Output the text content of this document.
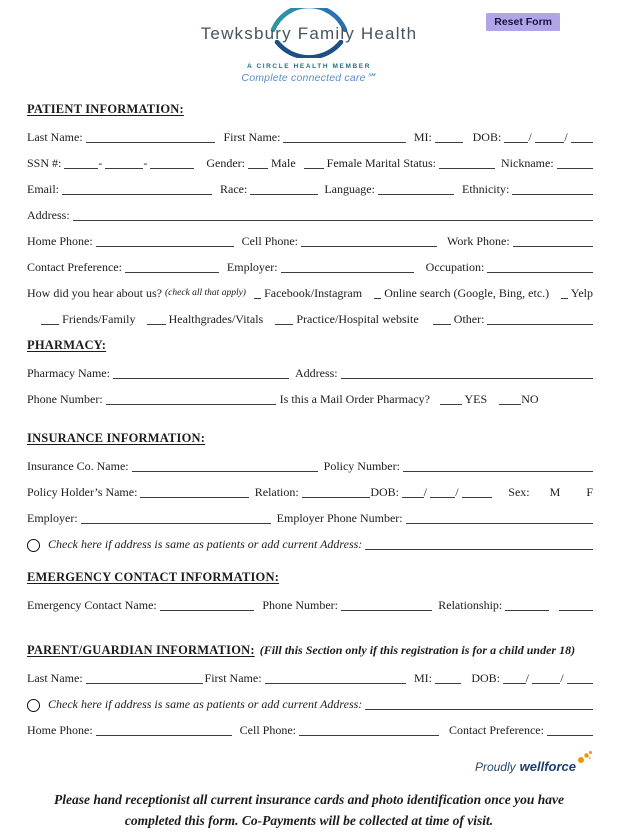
Tewksbury Family Health
A CIRCLE HEALTH MEMBER
Complete connected care℠
Reset Form
PATIENT INFORMATION:
Last Name:	First Name:	MI:	DOB: /	/
SSN #:	-	-	Gender: Male Female Marital Status:	Nickname:
Email:	Race:	Language:	Ethnicity:
Address:
Home Phone:	Cell Phone:	Work Phone:
Contact Preference:	Employer:	Occupation:
How did you hear about us? (check all that apply) Facebook/Instagram Online search (Google, Bing, etc.) Yelp
Friends/Family	Healthgrades/Vitals	Practice/Hospital website	Other:
PHARMACY:
Pharmacy Name:	Address:
Phone Number:	Is this a Mail Order Pharmacy?	YES	NO
INSURANCE INFORMATION:
Insurance Co. Name:	Policy Number:
Policy Holder’s Name:	Relation:	DOB: / /	Sex: M F
Employer:	Employer Phone Number:
Check here if address is same as patients or add current Address:
EMERGENCY CONTACT INFORMATION:
Emergency Contact Name:	Phone Number:	Relationship:
PARENT/GUARDIAN INFORMATION: (Fill this Section only if this registration is for a child under 18)
Last Name:	First Name:	MI:	DOB: /	/
Check here if address is same as patients or add current Address:
Home Phone:	Cell Phone:	Contact Preference:
Please hand receptionist all current insurance cards and photo identification once you have completed this form. Co-Payments will be collected at time of visit.
Proudly wellforce
